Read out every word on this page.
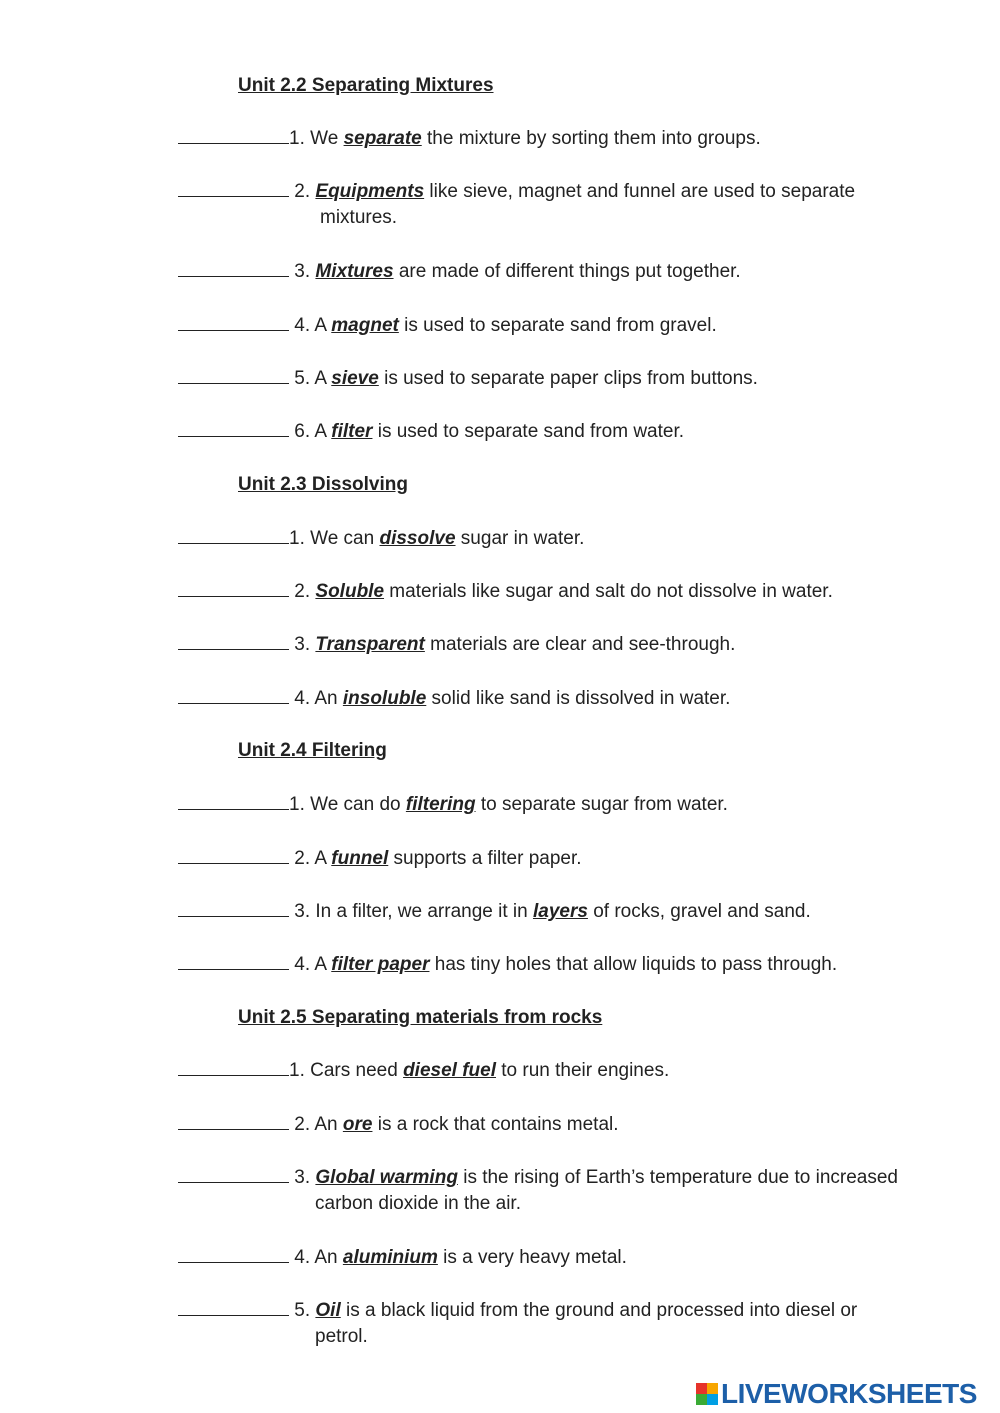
Unit 2.2 Separating Mixtures
1. We separate the mixture by sorting them into groups.
2. Equipments like sieve, magnet and funnel are used to separate
mixtures.
3. Mixtures are made of different things put together.
4. A magnet is used to separate sand from gravel.
5. A sieve is used to separate paper clips from buttons.
6. A filter is used to separate sand from water.
Unit 2.3 Dissolving
1. We can dissolve sugar in water.
2. Soluble materials like sugar and salt do not dissolve in water.
3. Transparent materials are clear and see-through.
4. An insoluble solid like sand is dissolved in water.
Unit 2.4 Filtering
1. We can do filtering to separate sugar from water.
2. A funnel supports a filter paper.
3. In a filter, we arrange it in layers of rocks, gravel and sand.
4. A filter paper has tiny holes that allow liquids to pass through.
Unit 2.5 Separating materials from rocks
1. Cars need diesel fuel to run their engines.
2. An ore is a rock that contains metal.
3. Global warming is the rising of Earth’s temperature due to increased
carbon dioxide in the air.
4. An aluminium is a very heavy metal.
5. Oil is a black liquid from the ground and processed into diesel or
petrol.
LIVEWORKSHEETS
